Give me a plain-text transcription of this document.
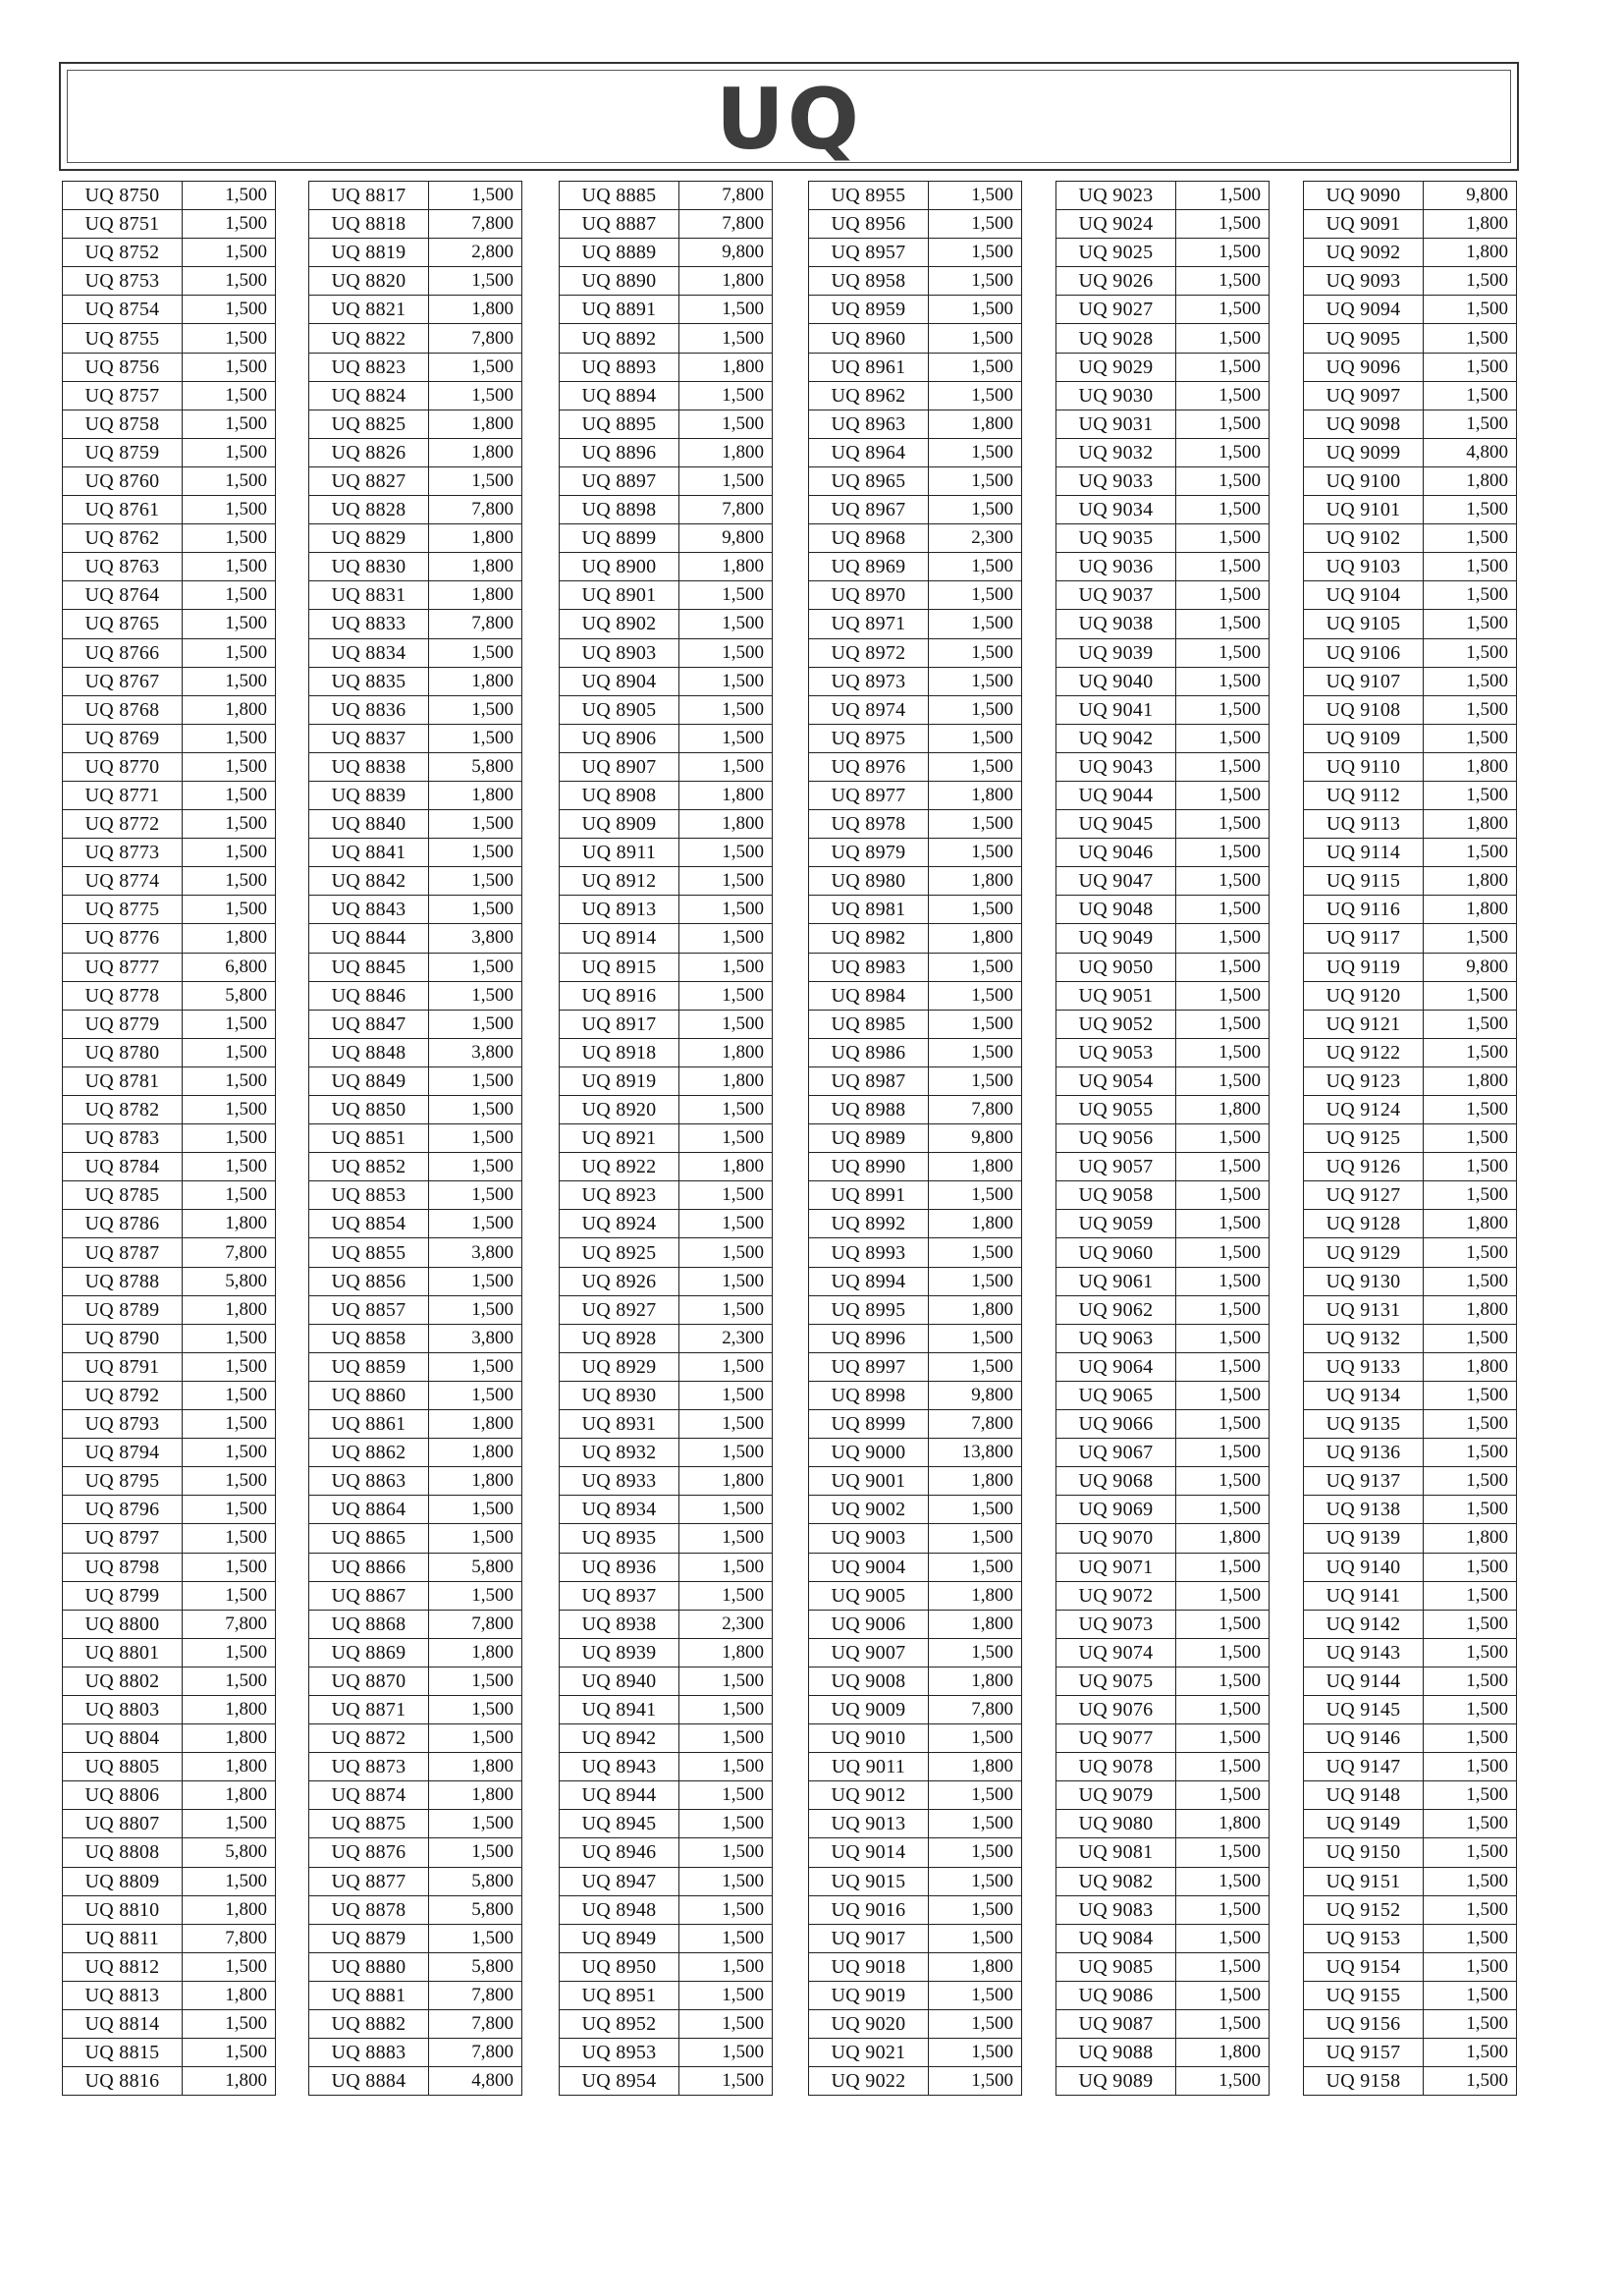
UQ
UQ 8750	1,500
UQ 8751	1,500
UQ 8752	1,500
UQ 8753	1,500
UQ 8754	1,500
UQ 8755	1,500
UQ 8756	1,500
UQ 8757	1,500
UQ 8758	1,500
UQ 8759	1,500
UQ 8760	1,500
UQ 8761	1,500
UQ 8762	1,500
UQ 8763	1,500
UQ 8764	1,500
UQ 8765	1,500
UQ 8766	1,500
UQ 8767	1,500
UQ 8768	1,800
UQ 8769	1,500
UQ 8770	1,500
UQ 8771	1,500
UQ 8772	1,500
UQ 8773	1,500
UQ 8774	1,500
UQ 8775	1,500
UQ 8776	1,800
UQ 8777	6,800
UQ 8778	5,800
UQ 8779	1,500
UQ 8780	1,500
UQ 8781	1,500
UQ 8782	1,500
UQ 8783	1,500
UQ 8784	1,500
UQ 8785	1,500
UQ 8786	1,800
UQ 8787	7,800
UQ 8788	5,800
UQ 8789	1,800
UQ 8790	1,500
UQ 8791	1,500
UQ 8792	1,500
UQ 8793	1,500
UQ 8794	1,500
UQ 8795	1,500
UQ 8796	1,500
UQ 8797	1,500
UQ 8798	1,500
UQ 8799	1,500
UQ 8800	7,800
UQ 8801	1,500
UQ 8802	1,500
UQ 8803	1,800
UQ 8804	1,800
UQ 8805	1,800
UQ 8806	1,800
UQ 8807	1,500
UQ 8808	5,800
UQ 8809	1,500
UQ 8810	1,800
UQ 8811	7,800
UQ 8812	1,500
UQ 8813	1,800
UQ 8814	1,500
UQ 8815	1,500
UQ 8816	1,800
UQ 8817	1,500
UQ 8818	7,800
UQ 8819	2,800
UQ 8820	1,500
UQ 8821	1,800
UQ 8822	7,800
UQ 8823	1,500
UQ 8824	1,500
UQ 8825	1,800
UQ 8826	1,800
UQ 8827	1,500
UQ 8828	7,800
UQ 8829	1,800
UQ 8830	1,800
UQ 8831	1,800
UQ 8833	7,800
UQ 8834	1,500
UQ 8835	1,800
UQ 8836	1,500
UQ 8837	1,500
UQ 8838	5,800
UQ 8839	1,800
UQ 8840	1,500
UQ 8841	1,500
UQ 8842	1,500
UQ 8843	1,500
UQ 8844	3,800
UQ 8845	1,500
UQ 8846	1,500
UQ 8847	1,500
UQ 8848	3,800
UQ 8849	1,500
UQ 8850	1,500
UQ 8851	1,500
UQ 8852	1,500
UQ 8853	1,500
UQ 8854	1,500
UQ 8855	3,800
UQ 8856	1,500
UQ 8857	1,500
UQ 8858	3,800
UQ 8859	1,500
UQ 8860	1,500
UQ 8861	1,800
UQ 8862	1,800
UQ 8863	1,800
UQ 8864	1,500
UQ 8865	1,500
UQ 8866	5,800
UQ 8867	1,500
UQ 8868	7,800
UQ 8869	1,800
UQ 8870	1,500
UQ 8871	1,500
UQ 8872	1,500
UQ 8873	1,800
UQ 8874	1,800
UQ 8875	1,500
UQ 8876	1,500
UQ 8877	5,800
UQ 8878	5,800
UQ 8879	1,500
UQ 8880	5,800
UQ 8881	7,800
UQ 8882	7,800
UQ 8883	7,800
UQ 8884	4,800
UQ 8885	7,800
UQ 8887	7,800
UQ 8889	9,800
UQ 8890	1,800
UQ 8891	1,500
UQ 8892	1,500
UQ 8893	1,800
UQ 8894	1,500
UQ 8895	1,500
UQ 8896	1,800
UQ 8897	1,500
UQ 8898	7,800
UQ 8899	9,800
UQ 8900	1,800
UQ 8901	1,500
UQ 8902	1,500
UQ 8903	1,500
UQ 8904	1,500
UQ 8905	1,500
UQ 8906	1,500
UQ 8907	1,500
UQ 8908	1,800
UQ 8909	1,800
UQ 8911	1,500
UQ 8912	1,500
UQ 8913	1,500
UQ 8914	1,500
UQ 8915	1,500
UQ 8916	1,500
UQ 8917	1,500
UQ 8918	1,800
UQ 8919	1,800
UQ 8920	1,500
UQ 8921	1,500
UQ 8922	1,800
UQ 8923	1,500
UQ 8924	1,500
UQ 8925	1,500
UQ 8926	1,500
UQ 8927	1,500
UQ 8928	2,300
UQ 8929	1,500
UQ 8930	1,500
UQ 8931	1,500
UQ 8932	1,500
UQ 8933	1,800
UQ 8934	1,500
UQ 8935	1,500
UQ 8936	1,500
UQ 8937	1,500
UQ 8938	2,300
UQ 8939	1,800
UQ 8940	1,500
UQ 8941	1,500
UQ 8942	1,500
UQ 8943	1,500
UQ 8944	1,500
UQ 8945	1,500
UQ 8946	1,500
UQ 8947	1,500
UQ 8948	1,500
UQ 8949	1,500
UQ 8950	1,500
UQ 8951	1,500
UQ 8952	1,500
UQ 8953	1,500
UQ 8954	1,500
UQ 8955	1,500
UQ 8956	1,500
UQ 8957	1,500
UQ 8958	1,500
UQ 8959	1,500
UQ 8960	1,500
UQ 8961	1,500
UQ 8962	1,500
UQ 8963	1,800
UQ 8964	1,500
UQ 8965	1,500
UQ 8967	1,500
UQ 8968	2,300
UQ 8969	1,500
UQ 8970	1,500
UQ 8971	1,500
UQ 8972	1,500
UQ 8973	1,500
UQ 8974	1,500
UQ 8975	1,500
UQ 8976	1,500
UQ 8977	1,800
UQ 8978	1,500
UQ 8979	1,500
UQ 8980	1,800
UQ 8981	1,500
UQ 8982	1,800
UQ 8983	1,500
UQ 8984	1,500
UQ 8985	1,500
UQ 8986	1,500
UQ 8987	1,500
UQ 8988	7,800
UQ 8989	9,800
UQ 8990	1,800
UQ 8991	1,500
UQ 8992	1,800
UQ 8993	1,500
UQ 8994	1,500
UQ 8995	1,800
UQ 8996	1,500
UQ 8997	1,500
UQ 8998	9,800
UQ 8999	7,800
UQ 9000	13,800
UQ 9001	1,800
UQ 9002	1,500
UQ 9003	1,500
UQ 9004	1,500
UQ 9005	1,800
UQ 9006	1,800
UQ 9007	1,500
UQ 9008	1,800
UQ 9009	7,800
UQ 9010	1,500
UQ 9011	1,800
UQ 9012	1,500
UQ 9013	1,500
UQ 9014	1,500
UQ 9015	1,500
UQ 9016	1,500
UQ 9017	1,500
UQ 9018	1,800
UQ 9019	1,500
UQ 9020	1,500
UQ 9021	1,500
UQ 9022	1,500
UQ 9023	1,500
UQ 9024	1,500
UQ 9025	1,500
UQ 9026	1,500
UQ 9027	1,500
UQ 9028	1,500
UQ 9029	1,500
UQ 9030	1,500
UQ 9031	1,500
UQ 9032	1,500
UQ 9033	1,500
UQ 9034	1,500
UQ 9035	1,500
UQ 9036	1,500
UQ 9037	1,500
UQ 9038	1,500
UQ 9039	1,500
UQ 9040	1,500
UQ 9041	1,500
UQ 9042	1,500
UQ 9043	1,500
UQ 9044	1,500
UQ 9045	1,500
UQ 9046	1,500
UQ 9047	1,500
UQ 9048	1,500
UQ 9049	1,500
UQ 9050	1,500
UQ 9051	1,500
UQ 9052	1,500
UQ 9053	1,500
UQ 9054	1,500
UQ 9055	1,800
UQ 9056	1,500
UQ 9057	1,500
UQ 9058	1,500
UQ 9059	1,500
UQ 9060	1,500
UQ 9061	1,500
UQ 9062	1,500
UQ 9063	1,500
UQ 9064	1,500
UQ 9065	1,500
UQ 9066	1,500
UQ 9067	1,500
UQ 9068	1,500
UQ 9069	1,500
UQ 9070	1,800
UQ 9071	1,500
UQ 9072	1,500
UQ 9073	1,500
UQ 9074	1,500
UQ 9075	1,500
UQ 9076	1,500
UQ 9077	1,500
UQ 9078	1,500
UQ 9079	1,500
UQ 9080	1,800
UQ 9081	1,500
UQ 9082	1,500
UQ 9083	1,500
UQ 9084	1,500
UQ 9085	1,500
UQ 9086	1,500
UQ 9087	1,500
UQ 9088	1,800
UQ 9089	1,500
UQ 9090	9,800
UQ 9091	1,800
UQ 9092	1,800
UQ 9093	1,500
UQ 9094	1,500
UQ 9095	1,500
UQ 9096	1,500
UQ 9097	1,500
UQ 9098	1,500
UQ 9099	4,800
UQ 9100	1,800
UQ 9101	1,500
UQ 9102	1,500
UQ 9103	1,500
UQ 9104	1,500
UQ 9105	1,500
UQ 9106	1,500
UQ 9107	1,500
UQ 9108	1,500
UQ 9109	1,500
UQ 9110	1,800
UQ 9112	1,500
UQ 9113	1,800
UQ 9114	1,500
UQ 9115	1,800
UQ 9116	1,800
UQ 9117	1,500
UQ 9119	9,800
UQ 9120	1,500
UQ 9121	1,500
UQ 9122	1,500
UQ 9123	1,800
UQ 9124	1,500
UQ 9125	1,500
UQ 9126	1,500
UQ 9127	1,500
UQ 9128	1,800
UQ 9129	1,500
UQ 9130	1,500
UQ 9131	1,800
UQ 9132	1,500
UQ 9133	1,800
UQ 9134	1,500
UQ 9135	1,500
UQ 9136	1,500
UQ 9137	1,500
UQ 9138	1,500
UQ 9139	1,800
UQ 9140	1,500
UQ 9141	1,500
UQ 9142	1,500
UQ 9143	1,500
UQ 9144	1,500
UQ 9145	1,500
UQ 9146	1,500
UQ 9147	1,500
UQ 9148	1,500
UQ 9149	1,500
UQ 9150	1,500
UQ 9151	1,500
UQ 9152	1,500
UQ 9153	1,500
UQ 9154	1,500
UQ 9155	1,500
UQ 9156	1,500
UQ 9157	1,500
UQ 9158	1,500
